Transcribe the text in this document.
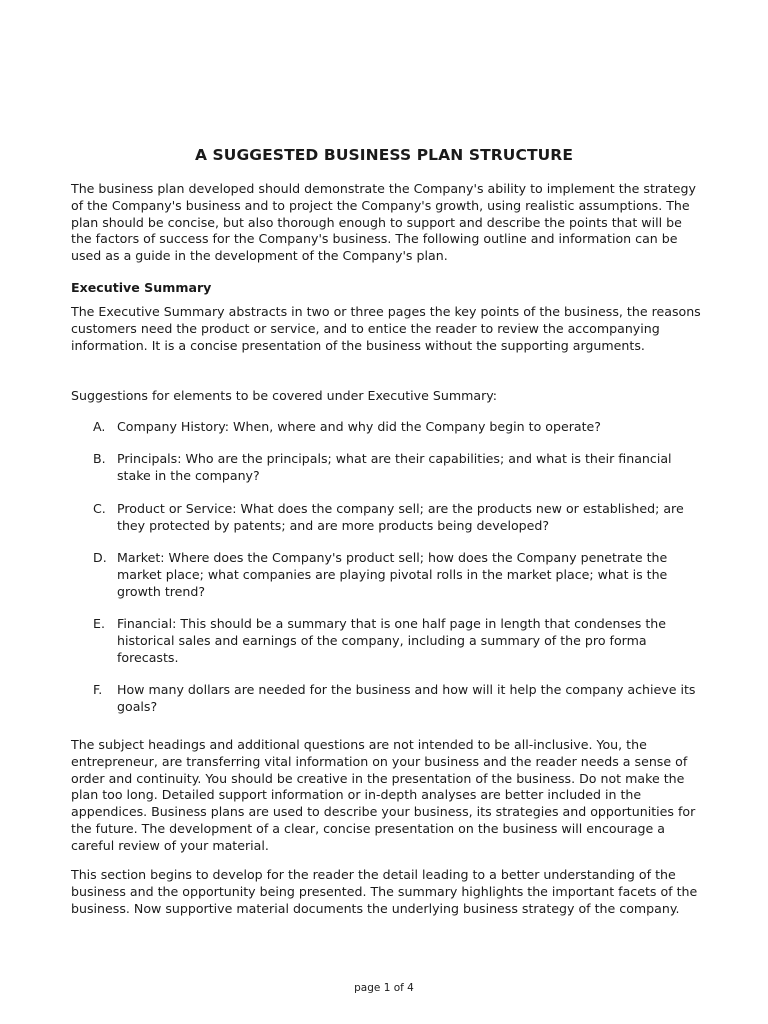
A SUGGESTED BUSINESS PLAN STRUCTURE

The business plan developed should demonstrate the Company's ability to implement the strategy of the Company's business and to project the Company's growth, using realistic assumptions. The plan should be concise, but also thorough enough to support and describe the points that will be the factors of success for the Company's business. The following outline and information can be used as a guide in the development of the Company's plan.

Executive Summary

The Executive Summary abstracts in two or three pages the key points of the business, the reasons customers need the product or service, and to entice the reader to review the accompanying information. It is a concise presentation of the business without the supporting arguments.

Suggestions for elements to be covered under Executive Summary:

A. Company History: When, where and why did the Company begin to operate?
B. Principals: Who are the principals; what are their capabilities; and what is their financial stake in the company?
C. Product or Service: What does the company sell; are the products new or established; are they protected by patents; and are more products being developed?
D. Market: Where does the Company's product sell; how does the Company penetrate the market place; what companies are playing pivotal rolls in the market place; what is the growth trend?
E. Financial: This should be a summary that is one half page in length that condenses the historical sales and earnings of the company, including a summary of the pro forma forecasts.
F. How many dollars are needed for the business and how will it help the company achieve its goals?

The subject headings and additional questions are not intended to be all-inclusive. You, the entrepreneur, are transferring vital information on your business and the reader needs a sense of order and continuity. You should be creative in the presentation of the business. Do not make the plan too long. Detailed support information or in-depth analyses are better included in the appendices. Business plans are used to describe your business, its strategies and opportunities for the future. The development of a clear, concise presentation on the business will encourage a careful review of your material.

This section begins to develop for the reader the detail leading to a better understanding of the business and the opportunity being presented. The summary highlights the important facets of the business. Now supportive material documents the underlying business strategy of the company.

page 1 of 4
